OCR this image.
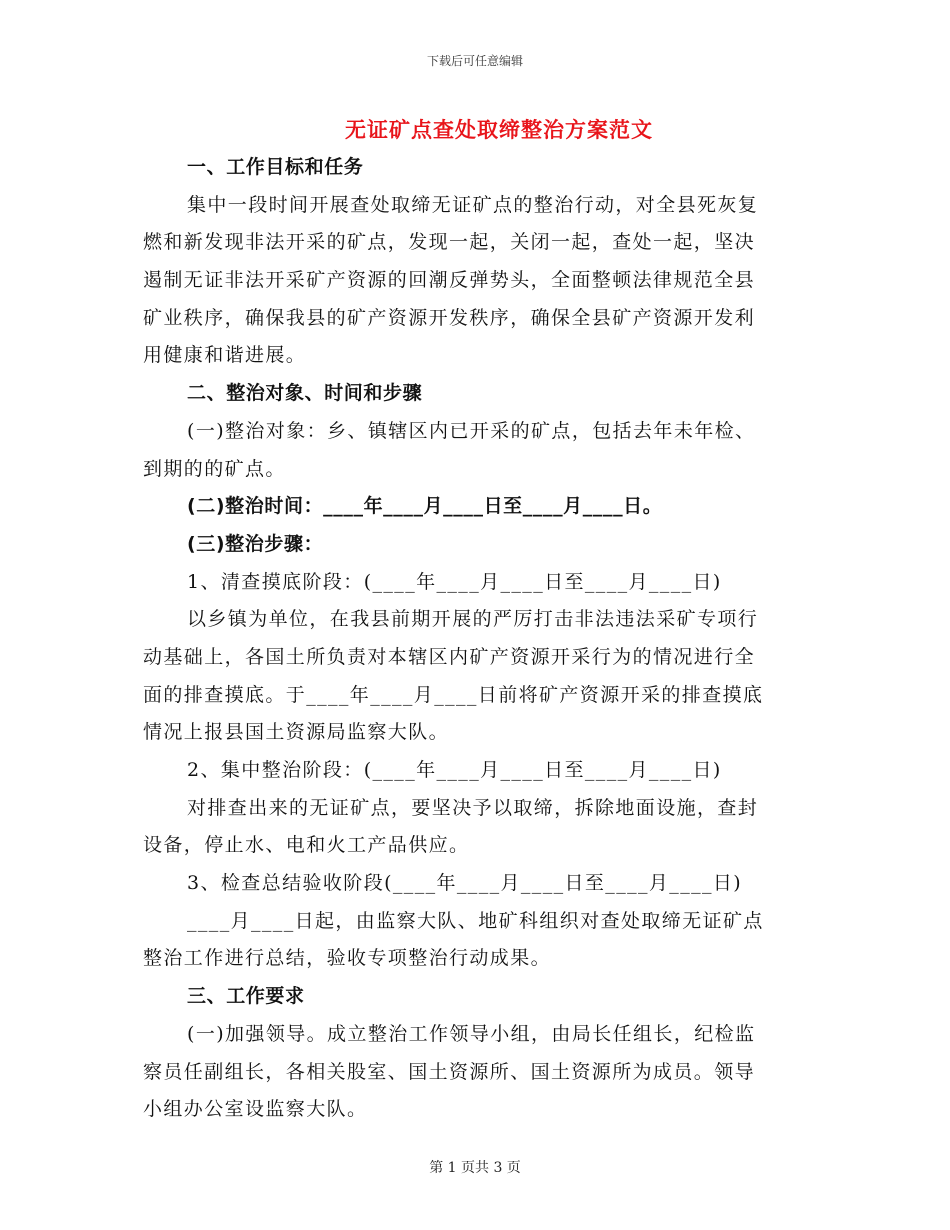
下载后可任意编辑
无证矿点查处取缔整治方案范文
一、工作目标和任务
集中一段时间开展查处取缔无证矿点的整治行动，对全县死灰复
燃和新发现非法开采的矿点，发现一起，关闭一起，查处一起，坚决
遏制无证非法开采矿产资源的回潮反弹势头，全面整顿法律规范全县
矿业秩序，确保我县的矿产资源开发秩序，确保全县矿产资源开发利
用健康和谐进展。
二、整治对象、时间和步骤
(一)整治对象：乡、镇辖区内已开采的矿点，包括去年未年检、
到期的的矿点。
(二)整治时间：____年____月____日至____月____日。
(三)整治步骤：
1、清查摸底阶段：(____年____月____日至____月____日)
以乡镇为单位，在我县前期开展的严厉打击非法违法采矿专项行
动基础上，各国土所负责对本辖区内矿产资源开采行为的情况进行全
面的排查摸底。于____年____月____日前将矿产资源开采的排查摸底
情况上报县国土资源局监察大队。
2、集中整治阶段：(____年____月____日至____月____日)
对排查出来的无证矿点，要坚决予以取缔，拆除地面设施，查封
设备，停止水、电和火工产品供应。
3、检查总结验收阶段(____年____月____日至____月____日)
____月____日起，由监察大队、地矿科组织对查处取缔无证矿点
整治工作进行总结，验收专项整治行动成果。
三、工作要求
(一)加强领导。成立整治工作领导小组，由局长任组长，纪检监
察员任副组长，各相关股室、国土资源所、国土资源所为成员。领导
小组办公室设监察大队。
第 1 页共 3 页
